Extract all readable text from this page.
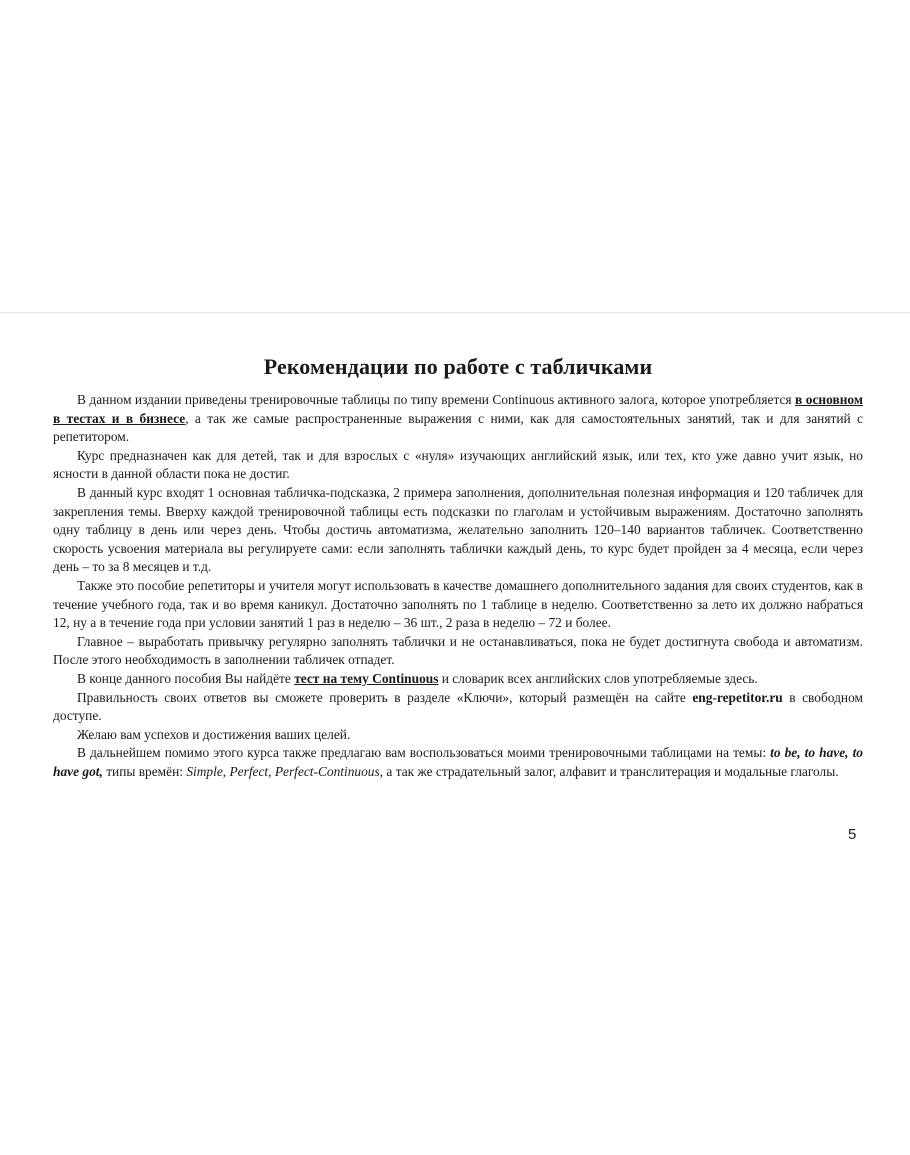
Рекомендации по работе с табличками

В данном издании приведены тренировочные таблицы по типу времени Continuous активного залога, которое употребляется в основном в тестах и в бизнесе, а так же самые распространенные выражения с ними, как для самостоятельных занятий, так и для занятий с репетитором.

Курс предназначен как для детей, так и для взрослых с «нуля» изучающих английский язык, или тех, кто уже давно учит язык, но ясности в данной области пока не достиг.

В данный курс входят 1 основная табличка-подсказка, 2 примера заполнения, дополнительная полезная информация и 120 табличек для закрепления темы. Вверху каждой тренировочной таблицы есть подсказки по глаголам и устойчивым выражениям. Достаточно заполнять одну таблицу в день или через день. Чтобы достичь автоматизма, желательно заполнить 120–140 вариантов табличек. Соответственно скорость усвоения материала вы регулируете сами: если заполнять таблички каждый день, то курс будет пройден за 4 месяца, если через день – то за 8 месяцев и т.д.

Также это пособие репетиторы и учителя могут использовать в качестве домашнего дополнительного задания для своих студентов, как в течение учебного года, так и во время каникул. Достаточно заполнять по 1 таблице в неделю. Соответственно за лето их должно набраться 12, ну а в течение года при условии занятий 1 раз в неделю – 36 шт., 2 раза в неделю – 72 и более.

Главное – выработать привычку регулярно заполнять таблички и не останавливаться, пока не будет достигнута свобода и автоматизм. После этого необходимость в заполнении табличек отпадет.

В конце данного пособия Вы найдёте тест на тему Continuous и словарик всех английских слов употребляемые здесь.

Правильность своих ответов вы сможете проверить в разделе «Ключи», который размещён на сайте eng-repetitor.ru в свободном доступе.

Желаю вам успехов и достижения ваших целей.

В дальнейшем помимо этого курса также предлагаю вам воспользоваться моими тренировочными таблицами на темы: to be, to have, to have got, типы времён: Simple, Perfect, Perfect-Continuous, а так же страдательный залог, алфавит и транслитерация и модальные глаголы.

5
